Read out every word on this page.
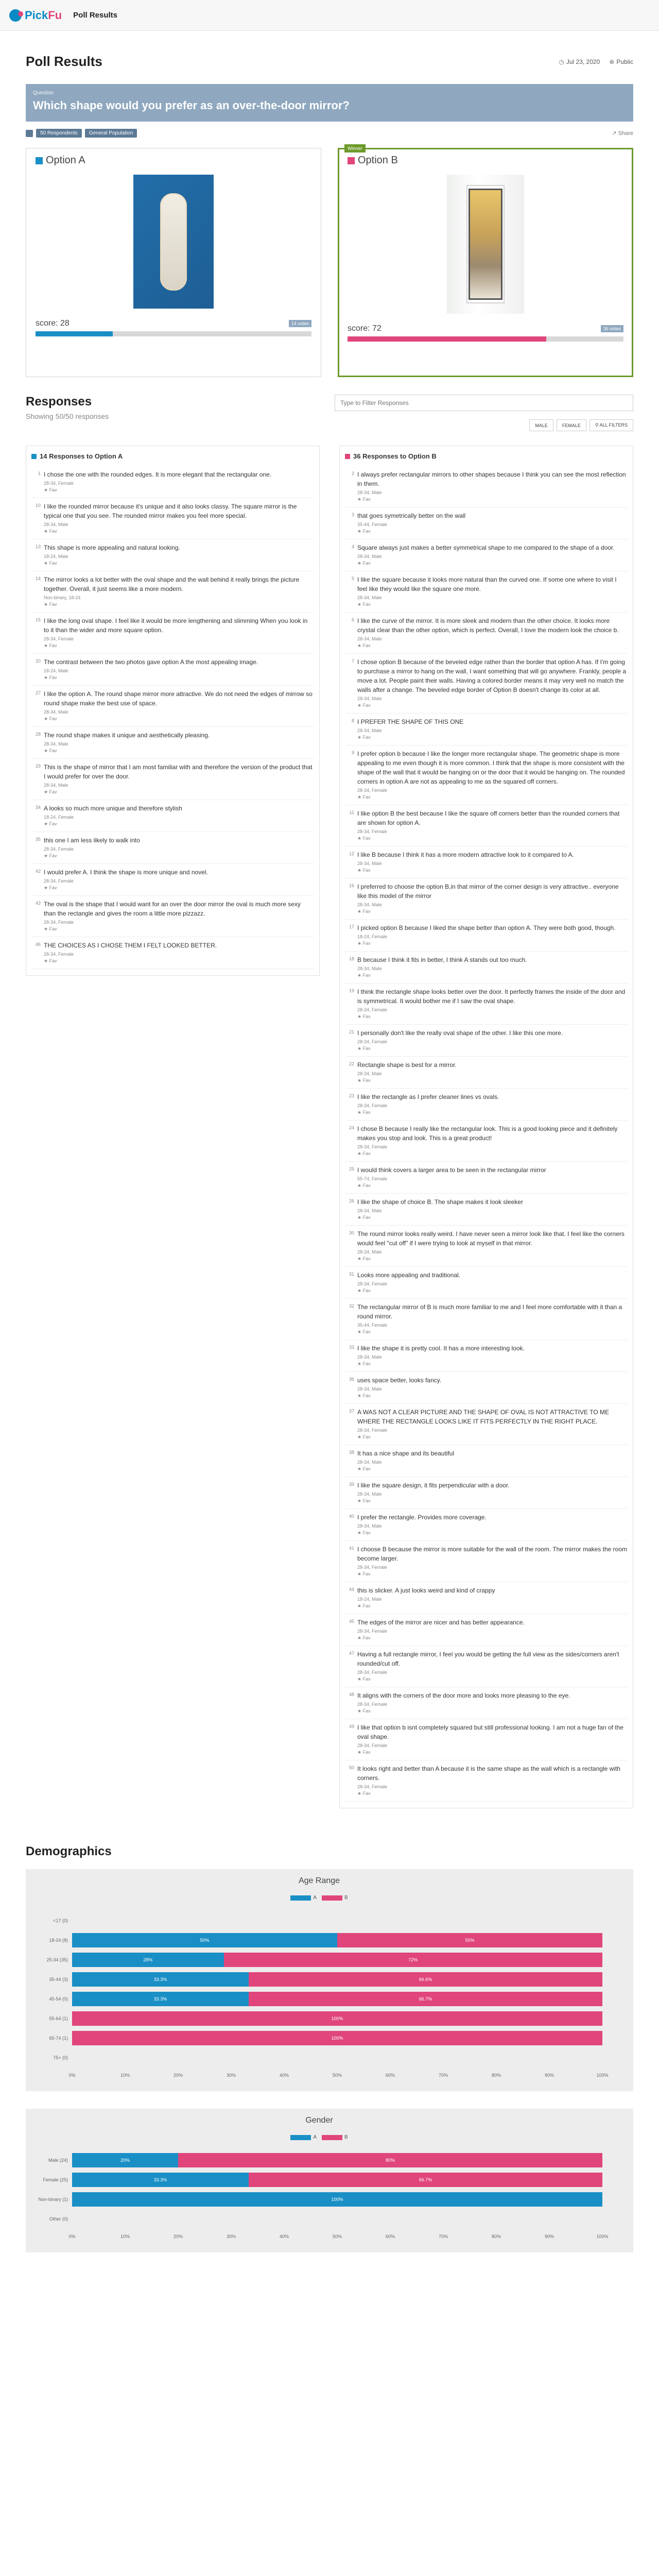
PickFu Poll Results
Poll Results	◷ Jul 23, 2020 ⊕ Public
Question
Which shape would you prefer as an over-the-door mirror?
50 Respondents	General Population	↗ Share
Option A
score: 28	14 votes
Winner
Option B
score: 72	36 votes
Responses
Showing 50/50 responses
Type to Filter Responses
MALE	FEMALE	⚲ ALL FILTERS
14 Responses to Option A
1 I chose the one with the rounded edges. It is more elegant that the rectangular one.
28-34, Female
★ Fav
10 I like the rounded mirror because it's unique and it also looks classy. The square mirror is the typical one that you see. The rounded mirror makes you feel more special.
28-34, Male
★ Fav
13 This shape is more appealing and natural looking.
18-24, Male
★ Fav
14 The mirror looks a lot better with the oval shape and the wall behind it really brings the picture together. Overall, it just seems like a more modern.
Non-binary, 18-24
★ Fav
15 I like the long oval shape. I feel like it would be more lengthening and slimming When you look in to it than the wider and more square option.
28-34, Female
★ Fav
20 The contrast between the two photos gave option A the most appealing image.
18-24, Male
★ Fav
27 I like the option A. The round shape mirror more attractive. We do not need the edges of mirrow so round shape make the best use of space.
28-34, Male
★ Fav
28 The round shape makes it unique and aesthetically pleasing.
28-34, Male
★ Fav
29 This is the shape of mirror that I am most familiar with and therefore the version of the product that I would prefer for over the door.
28-34, Male
★ Fav
34 A looks so much more unique and therefore stylish
18-24, Female
★ Fav
35 this one I am less likely to walk into
28-34, Female
★ Fav
42 I would prefer A. I think the shape is more unique and novel.
28-34, Female
★ Fav
43 The oval is the shape that I would want for an over the door mirror the oval is much more sexy than the rectangle and gives the room a little more pizzazz.
28-34, Female
★ Fav
46 THE CHOICES AS I CHOSE THEM I FELT LOOKED BETTER.
28-34, Female
★ Fav
36 Responses to Option B
2 I always prefer rectangular mirrors to other shapes because I think you can see the most reflection in them.
28-34, Male
★ Fav
3 that goes symetrically better on the wall
35-44, Female
★ Fav
4 Square always just makes a better symmetrical shape to me compared to the shape of a door.
28-34, Male
★ Fav
5 I like the square because it looks more natural than the curved one. If some one where to visit I feel like they would like the square one more.
28-34, Male
★ Fav
6 I like the curve of the mirror. It is more sleek and modern than the other choice. It looks more crystal clear than the other option, which is perfect. Overall, I love the modern look the choice b.
28-34, Male
★ Fav
7 I chose option B because of the beveled edge rather than the border that option A has. If I'm going to purchase a mirror to hang on the wall, I want something that will go anywhere. Frankly, people a move a lot. People paint their walls. Having a colored border means it may very well no match the walls after a change. The beveled edge border of Option B doesn't change its color at all.
28-34, Male
★ Fav
8 I PREFER THE SHAPE OF THIS ONE
28-34, Male
★ Fav
9 I prefer option b because I like the longer more rectangular shape. The geometric shape is more appealing to me even though it is more common. I think that the shape is more consistent with the shape of the wall that it would be hanging on or the door that it would be hanging on. The rounded corners in option A are not as appealing to me as the squared off corners.
28-34, Female
★ Fav
11 I like option B the best because I like the square off corners better than the rounded corners that are shown for option A.
28-34, Female
★ Fav
12 I like B because I think it has a more modern attractive look to it compared to A.
28-34, Male
★ Fav
16 I preferred to choose the option B,in that mirror of the corner design is very attractive.. everyone like this model of the mirror
28-34, Male
★ Fav
17 I picked option B because I liked the shape better than option A. They were both good, though.
18-24, Female
★ Fav
18 B because I think it fits in better, I think A stands out too much.
28-34, Male
★ Fav
19 I think the rectangle shape looks better over the door. It perfectly frames the inside of the door and is symmetrical. It would bother me if I saw the oval shape.
28-34, Female
★ Fav
21 I personally don't like the really oval shape of the other. I like this one more.
28-34, Female
★ Fav
22 Rectangle shape is best for a mirror.
28-34, Male
★ Fav
23 I like the rectangle as I prefer cleaner lines vs ovals.
28-34, Female
★ Fav
24 I chose B because I really like the rectangular look. This is a good looking piece and it definitely makes you stop and look. This is a great product!
28-34, Female
★ Fav
25 I would think covers a larger area to be seen in the rectangular mirror
55-74, Female
★ Fav
26 I like the shape of choice B. The shape makes it look sleeker
28-34, Male
★ Fav
30 The round mirror looks really weird. I have never seen a mirror look like that. I feel like the corners would feel "cut off" if I were trying to look at myself in that mirror.
28-34, Male
★ Fav
31 Looks more appealing and traditional.
28-34, Female
★ Fav
32 The rectangular mirror of B is much more familiar to me and I feel more comfortable with it than a round mirror.
35-44, Female
★ Fav
33 I like the shape it is pretty cool. It has a more interesting look.
28-34, Male
★ Fav
36 uses space better, looks fancy.
28-34, Male
★ Fav
37 A WAS NOT A CLEAR PICTURE AND THE SHAPE OF OVAL IS NOT ATTRACTIVE TO ME WHERE THE RECTANGLE LOOKS LIKE IT FITS PERFECTLY IN THE RIGHT PLACE.
28-34, Female
★ Fav
38 It has a nice shape and its beautiful
28-34, Male
★ Fav
39 I like the square design, it fits perpendicular with a door.
28-34, Male
★ Fav
40 I prefer the rectangle. Provides more coverage.
28-34, Male
★ Fav
41 I choose B because the mirror is more suitable for the wall of the room. The mirror makes the room become larger.
28-34, Female
★ Fav
44 this is slicker. A just looks weird and kind of crappy
18-24, Male
★ Fav
45 The edges of the mirror are nicer and has better appearance.
28-34, Female
★ Fav
47 Having a full rectangle mirror, I feel you would be getting the full view as the sides/corners aren't rounded/cut off.
28-34, Female
★ Fav
48 It aligns with the corners of the door more and looks more pleasing to the eye.
28-34, Female
★ Fav
49 I like that option b isnt completely squared but still professional looking. I am not a huge fan of the oval shape.
28-34, Female
★ Fav
50 It looks right and better than A because it is the same shape as the wall which is a rectangle with corners.
28-34, Female
★ Fav
Demographics
Age Range
A	B
<17 (0)
18-24 (8)	50%	50%
25-34 (35)	28%	72%
35-44 (3)	33.3%	66.6%
45-54 (0)	33.3%	66.7%
55-64 (1)	100%
65-74 (1)	100%
75+ (0)
0%	10%	20%	30%	40%	50%	60%	70%	80%	90%	100%
Gender
A	B
Male (24)	20%	80%
Female (25)	33.3%	66.7%
Non-binary (1)	100%
Other (0)
0%	10%	20%	30%	40%	50%	60%	70%	80%	90%	100%
